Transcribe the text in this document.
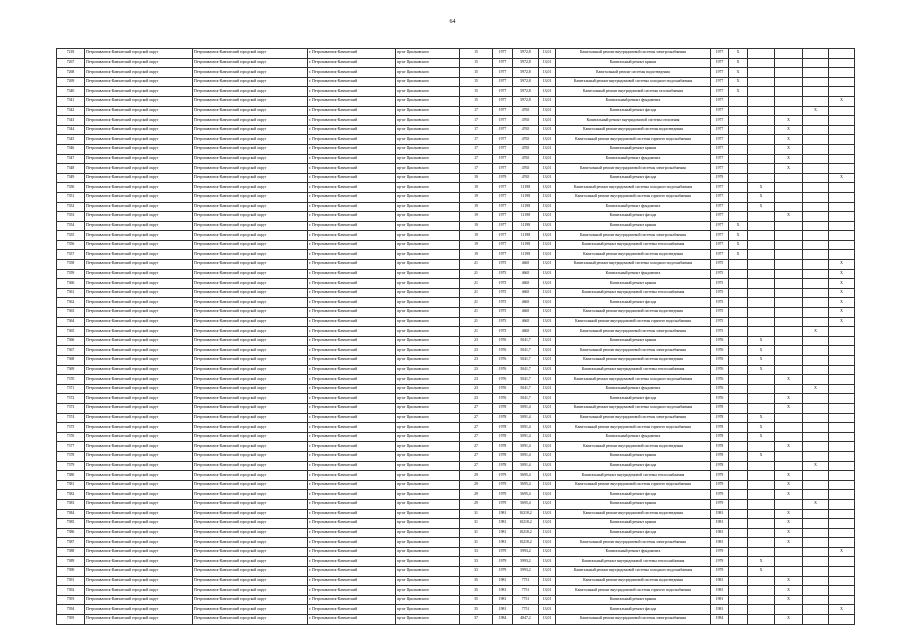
64
7218	Петропавловск-Камчатский городской округ	Петропавловск-Камчатский городской округ	г. Петропавловск-Камчатский	пр-кт Циолковского	15	1977	5972,8	13,01	Капитальный ремонт внутридомовой системы электроснабжения	1977	Х				
7267	Петропавловск-Камчатский городской округ	Петропавловск-Камчатский городской округ	г. Петропавловск-Камчатский	пр-кт Циолковского	15	1977	5972,8	13,01	Капитальный ремонт крыши	1977	Х				
7268	Петропавловск-Камчатский городской округ	Петропавловск-Камчатский городской округ	г. Петропавловск-Камчатский	пр-кт Циолковского	15	1977	5972,8	13,01	Капитальный ремонт системы водоотведения	1977	Х				
7269	Петропавловск-Камчатский городской округ	Петропавловск-Камчатский городской округ	г. Петропавловск-Камчатский	пр-кт Циолковского	15	1977	5972,8	13,01	Капитальный ремонт внутридомовой системы холодного водоснабжения	1977	Х				
7340	Петропавловск-Камчатский городской округ	Петропавловск-Камчатский городской округ	г. Петропавловск-Камчатский	пр-кт Циолковского	15	1977	5972,8	13,01	Капитальный ремонт внутридомовой системы газоснабжения	1977	Х				
7341	Петропавловск-Камчатский городской округ	Петропавловск-Камчатский городской округ	г. Петропавловск-Камчатский	пр-кт Циолковского	15	1977	5972,8	13,01	Капитальный ремонт фундамента	1977					Х
7342	Петропавловск-Камчатский городской округ	Петропавловск-Камчатский городской округ	г. Петропавловск-Камчатский	пр-кт Циолковского	17	1977	4765	13,01	Капитальный ремонт фасада	1977				Х	
7343	Петропавловск-Камчатский городской округ	Петропавловск-Камчатский городской округ	г. Петропавловск-Камчатский	пр-кт Циолковского	17	1977	4765	13,01	Капитальный ремонт внутридомовой системы отопления	1977			Х		
7344	Петропавловск-Камчатский городской округ	Петропавловск-Камчатский городской округ	г. Петропавловск-Камчатский	пр-кт Циолковского	17	1977	4765	13,01	Капитальный ремонт внутридомовой системы водоотведения	1977			Х		
7345	Петропавловск-Камчатский городской округ	Петропавловск-Камчатский городской округ	г. Петропавловск-Камчатский	пр-кт Циолковского	17	1977	4765	13,01	Капитальный ремонт внутридомовой системы горячего водоснабжения	1977			Х		
7346	Петропавловск-Камчатский городской округ	Петропавловск-Камчатский городской округ	г. Петропавловск-Камчатский	пр-кт Циолковского	17	1977	4765	13,01	Капитальный ремонт крыши	1977			Х		
7347	Петропавловск-Камчатский городской округ	Петропавловск-Камчатский городской округ	г. Петропавловск-Камчатский	пр-кт Циолковского	17	1977	4765	13,01	Капитальный ремонт фундамента	1977			Х		
7348	Петропавловск-Камчатский городской округ	Петропавловск-Камчатский городской округ	г. Петропавловск-Камчатский	пр-кт Циолковского	17	1977	4765	13,01	Капитальный ремонт внутридомовой системы электроснабжения	1977			Х		
7349	Петропавловск-Камчатский городской округ	Петропавловск-Камчатский городской округ	г. Петропавловск-Камчатский	пр-кт Циолковского	19	1979	4765	13,01	Капитальный ремонт фасада	1979					Х
7350	Петропавловск-Камчатский городской округ	Петропавловск-Камчатский городской округ	г. Петропавловск-Камчатский	пр-кт Циолковского	19	1977	11198	13,01	Капитальный ремонт внутридомовой системы холодного водоснабжения	1977		Х			
7351	Петропавловск-Камчатский городской округ	Петропавловск-Камчатский городской округ	г. Петропавловск-Камчатский	пр-кт Циолковского	19	1977	11198	13,01	Капитальный ремонт внутридомовой системы горячего водоснабжения	1977		Х			
7352	Петропавловск-Камчатский городской округ	Петропавловск-Камчатский городской округ	г. Петропавловск-Камчатский	пр-кт Циолковского	19	1977	11198	13,01	Капитальный ремонт фундамента	1977		Х			
7353	Петропавловск-Камчатский городской округ	Петропавловск-Камчатский городской округ	г. Петропавловск-Камчатский	пр-кт Циолковского	19	1977	11198	13,01	Капитальный ремонт фасада	1977			Х		
7354	Петропавловск-Камчатский городской округ	Петропавловск-Камчатский городской округ	г. Петропавловск-Камчатский	пр-кт Циолковского	19	1977	11198	13,01	Капитальный ремонт крыши	1977	Х				
7355	Петропавловск-Камчатский городской округ	Петропавловск-Камчатский городской округ	г. Петропавловск-Камчатский	пр-кт Циолковского	19	1977	11198	13,01	Капитальный ремонт внутридомовой системы электроснабжения	1977	Х				
7356	Петропавловск-Камчатский городской округ	Петропавловск-Камчатский городской округ	г. Петропавловск-Камчатский	пр-кт Циолковского	19	1977	11198	13,01	Капитальный ремонт внутридомовой системы теплоснабжения	1977	Х				
7357	Петропавловск-Камчатский городской округ	Петропавловск-Камчатский городской округ	г. Петропавловск-Камчатский	пр-кт Циолковского	19	1977	11198	13,01	Капитальный ремонт внутридомовой системы водоотведения	1977	Х				
7358	Петропавловск-Камчатский городской округ	Петропавловск-Камчатский городской округ	г. Петропавловск-Камчатский	пр-кт Циолковского	21	1975	4665	13,01	Капитальный ремонт внутридомовой системы холодного водоснабжения	1975					Х
7359	Петропавловск-Камчатский городской округ	Петропавловск-Камчатский городской округ	г. Петропавловск-Камчатский	пр-кт Циолковского	21	1975	4665	13,01	Капитальный ремонт фундамента	1975					Х
7360	Петропавловск-Камчатский городской округ	Петропавловск-Камчатский городской округ	г. Петропавловск-Камчатский	пр-кт Циолковского	21	1975	4665	13,01	Капитальный ремонт крыши	1975					Х
7361	Петропавловск-Камчатский городской округ	Петропавловск-Камчатский городской округ	г. Петропавловск-Камчатский	пр-кт Циолковского	21	1975	4665	13,01	Капитальный ремонт внутридомовой системы теплоснабжения	1975					Х
7362	Петропавловск-Камчатский городской округ	Петропавловск-Камчатский городской округ	г. Петропавловск-Камчатский	пр-кт Циолковского	21	1975	4665	13,01	Капитальный ремонт фасада	1975					Х
7363	Петропавловск-Камчатский городской округ	Петропавловск-Камчатский городской округ	г. Петропавловск-Камчатский	пр-кт Циолковского	21	1975	4665	13,01	Капитальный ремонт внутридомовой системы водоотведения	1975					Х
7364	Петропавловск-Камчатский городской округ	Петропавловск-Камчатский городской округ	г. Петропавловск-Камчатский	пр-кт Циолковского	21	1975	4665	13,01	Капитальный ремонт внутридомовой системы горячего водоснабжения	1975					Х
7365	Петропавловск-Камчатский городской округ	Петропавловск-Камчатский городской округ	г. Петропавловск-Камчатский	пр-кт Циолковского	21	1975	4665	13,01	Капитальный ремонт внутридомовой системы электроснабжения	1975				Х	
7366	Петропавловск-Камчатский городской округ	Петропавловск-Камчатский городской округ	г. Петропавловск-Камчатский	пр-кт Циолковского	23	1976	5041,7	13,01	Капитальный ремонт крыши	1976		Х			
7367	Петропавловск-Камчатский городской округ	Петропавловск-Камчатский городской округ	г. Петропавловск-Камчатский	пр-кт Циолковского	23	1976	5041,7	13,01	Капитальный ремонт внутридомовой системы электроснабжения	1976		Х			
7368	Петропавловск-Камчатский городской округ	Петропавловск-Камчатский городской округ	г. Петропавловск-Камчатский	пр-кт Циолковского	23	1976	5041,7	13,01	Капитальный ремонт внутридомовой системы водоотведения	1976		Х			
7369	Петропавловск-Камчатский городской округ	Петропавловск-Камчатский городской округ	г. Петропавловск-Камчатский	пр-кт Циолковского	23	1976	5041,7	13,01	Капитальный ремонт внутридомовой системы теплоснабжения	1976		Х			
7370	Петропавловск-Камчатский городской округ	Петропавловск-Камчатский городской округ	г. Петропавловск-Камчатский	пр-кт Циолковского	23	1976	5041,7	13,01	Капитальный ремонт внутридомовой системы холодного водоснабжения	1976			Х		
7371	Петропавловск-Камчатский городской округ	Петропавловск-Камчатский городской округ	г. Петропавловск-Камчатский	пр-кт Циолковского	23	1976	5041,7	13,01	Капитальный ремонт фундамента	1976				Х	
7372	Петропавловск-Камчатский городской округ	Петропавловск-Камчатский городской округ	г. Петропавловск-Камчатский	пр-кт Циолковского	23	1976	5041,7	13,01	Капитальный ремонт фасада	1976			Х		
7373	Петропавловск-Камчатский городской округ	Петропавловск-Камчатский городской округ	г. Петропавловск-Камчатский	пр-кт Циолковского	27	1978	5091,4	13,01	Капитальный ремонт внутридомовой системы холодного водоснабжения	1978			Х		
7374	Петропавловск-Камчатский городской округ	Петропавловск-Камчатский городской округ	г. Петропавловск-Камчатский	пр-кт Циолковского	27	1978	5091,4	13,01	Капитальный ремонт внутридомовой системы электроснабжения	1978		Х			
7375	Петропавловск-Камчатский городской округ	Петропавловск-Камчатский городской округ	г. Петропавловск-Камчатский	пр-кт Циолковского	27	1978	5091,4	13,01	Капитальный ремонт внутридомовой системы горячего водоснабжения	1978		Х			
7376	Петропавловск-Камчатский городской округ	Петропавловск-Камчатский городской округ	г. Петропавловск-Камчатский	пр-кт Циолковского	27	1978	5091,4	13,01	Капитальный ремонт фундамента	1978		Х			
7377	Петропавловск-Камчатский городской округ	Петропавловск-Камчатский городской округ	г. Петропавловск-Камчатский	пр-кт Циолковского	27	1978	5091,4	13,01	Капитальный ремонт внутридомовой системы водоотведения	1978			Х		
7378	Петропавловск-Камчатский городской округ	Петропавловск-Камчатский городской округ	г. Петропавловск-Камчатский	пр-кт Циолковского	27	1978	5091,4	13,01	Капитальный ремонт крыши	1978		Х			
7379	Петропавловск-Камчатский городской округ	Петропавловск-Камчатский городской округ	г. Петропавловск-Камчатский	пр-кт Циолковского	27	1978	5091,4	13,01	Капитальный ремонт фасада	1978				Х	
7380	Петропавловск-Камчатский городской округ	Петропавловск-Камчатский городской округ	г. Петропавловск-Камчатский	пр-кт Циолковского	29	1979	5695,4	13,01	Капитальный ремонт внутридомовой системы теплоснабжения	1979			Х		
7381	Петропавловск-Камчатский городской округ	Петропавловск-Камчатский городской округ	г. Петропавловск-Камчатский	пр-кт Циолковского	29	1979	5695,4	13,01	Капитальный ремонт внутридомовой системы горячего водоснабжения	1979			Х		
7382	Петропавловск-Камчатский городской округ	Петропавловск-Камчатский городской округ	г. Петропавловск-Камчатский	пр-кт Циолковского	29	1979	5695,4	13,01	Капитальный ремонт фасада	1979			Х		
7383	Петропавловск-Камчатский городской округ	Петропавловск-Камчатский городской округ	г. Петропавловск-Камчатский	пр-кт Циолковского	29	1979	5695,4	13,01	Капитальный ремонт крыши	1979				Х	
7384	Петропавловск-Камчатский городской округ	Петропавловск-Камчатский городской округ	г. Петропавловск-Камчатский	пр-кт Циолковского	31	1981	10218,2	13,01	Капитальный ремонт внутридомовой системы водоотведения	1981			Х		
7385	Петропавловск-Камчатский городской округ	Петропавловск-Камчатский городской округ	г. Петропавловск-Камчатский	пр-кт Циолковского	31	1981	10218,2	13,01	Капитальный ремонт крыши	1981			Х		
7386	Петропавловск-Камчатский городской округ	Петропавловск-Камчатский городской округ	г. Петропавловск-Камчатский	пр-кт Циолковского	31	1981	10218,2	13,01	Капитальный ремонт фасада	1981			Х		
7387	Петропавловск-Камчатский городской округ	Петропавловск-Камчатский городской округ	г. Петропавловск-Камчатский	пр-кт Циолковского	31	1981	10218,2	13,01	Капитальный ремонт внутридомовой системы электроснабжения	1981			Х		
7388	Петропавловск-Камчатский городской округ	Петропавловск-Камчатский городской округ	г. Петропавловск-Камчатский	пр-кт Циолковского	33	1979	5993,2	13,01	Капитальный ремонт фундамента	1979					Х
7389	Петропавловск-Камчатский городской округ	Петропавловск-Камчатский городской округ	г. Петропавловск-Камчатский	пр-кт Циолковского	33	1979	5993,2	13,01	Капитальный ремонт внутридомовой системы теплоснабжения	1979		Х			
7390	Петропавловск-Камчатский городской округ	Петропавловск-Камчатский городской округ	г. Петропавловск-Камчатский	пр-кт Циолковского	33	1979	5993,2	13,01	Капитальный ремонт внутридомовой системы холодного водоснабжения	1979		Х			
7391	Петропавловск-Камчатский городской округ	Петропавловск-Камчатский городской округ	г. Петропавловск-Камчатский	пр-кт Циолковского	35	1981	7751	13,01	Капитальный ремонт внутридомовой системы водоотведения	1981			Х		
7392	Петропавловск-Камчатский городской округ	Петропавловск-Камчатский городской округ	г. Петропавловск-Камчатский	пр-кт Циолковского	35	1981	7751	13,01	Капитальный ремонт внутридомовой системы горячего водоснабжения	1981			Х		
7393	Петропавловск-Камчатский городской округ	Петропавловск-Камчатский городской округ	г. Петропавловск-Камчатский	пр-кт Циолковского	35	1981	7751	13,01	Капитальный ремонт крыши	1981			Х		
7394	Петропавловск-Камчатский городской округ	Петропавловск-Камчатский городской округ	г. Петропавловск-Камчатский	пр-кт Циолковского	35	1981	7751	13,01	Капитальный ремонт фасада	1981					Х
7395	Петропавловск-Камчатский городской округ	Петропавловск-Камчатский городской округ	г. Петропавловск-Камчатский	пр-кт Циолковского	37	1984	4847,2	13,01	Капитальный ремонт внутридомовой системы электроснабжения	1984			Х		
